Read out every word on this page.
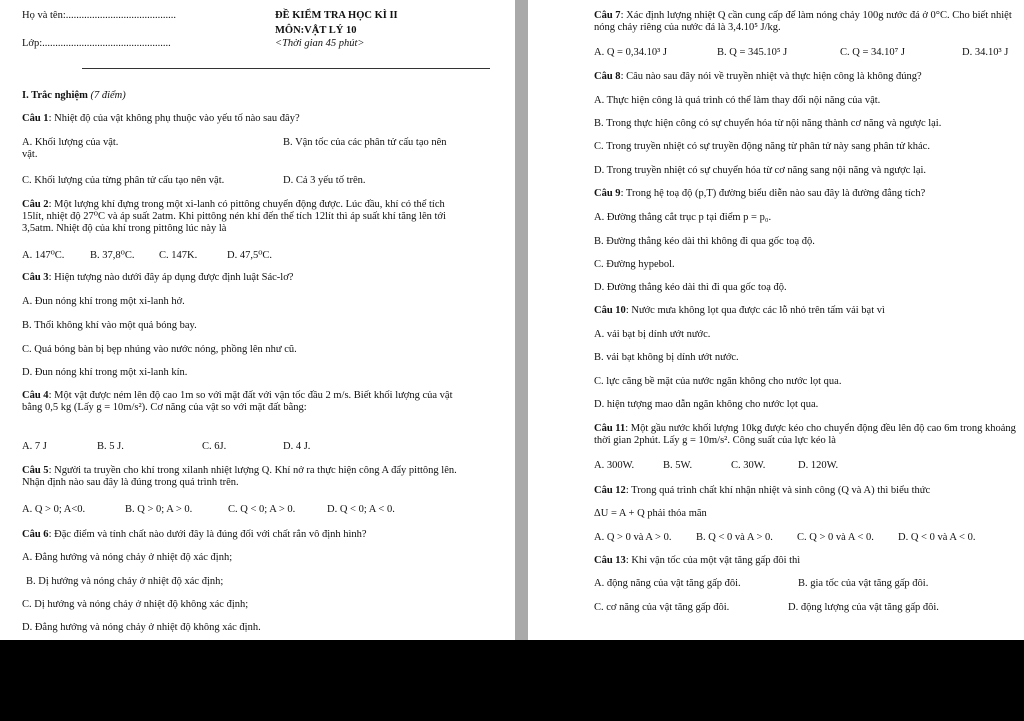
Họ và tên:..........................................
Lớp:.................................................
ĐỀ KIỂM TRA HỌC KÌ II
MÔN:VẬT LÝ 10
<Thời gian 45 phút>
I. Trắc nghiệm (7 điểm)
Câu 1: Nhiệt độ của vật không phụ thuộc vào yếu tố nào sau đây?
A. Khối lượng của vật.	B. Vận tốc của các phân tử cấu tạo nên vật.
C. Khối lượng của từng phân tử cấu tạo nên vật.	D. Cả 3 yếu tố trên.
Câu 2: Một lượng khí đựng trong một xi-lanh có pittông chuyển động được. Lúc đầu, khí có thể tích 15lít, nhiệt độ 27⁰C và áp suất 2atm. Khi pittông nén khí đến thể tích 12lít thì áp suất khí tăng lên tới 3,5atm. Nhiệt độ của khí trong pittông lúc này là
A. 147⁰C. B. 37,8⁰C. C. 147K.	D. 47,5⁰C.
Câu 3: Hiện tượng nào dưới đây áp dụng được định luật Sác-lơ?
A. Đun nóng khí trong một xi-lanh hở.
B. Thổi không khí vào một quả bóng bay.
C. Quả bóng bàn bị bẹp nhúng vào nước nóng, phồng lên như cũ.
D. Đun nóng khí trong một xi-lanh kín.
Câu 4: Một vật được ném lên độ cao 1m so với mặt đất với vận tốc đầu 2 m/s. Biết khối lượng của vật bằng 0,5 kg (Lấy g = 10m/s²). Cơ năng của vật so với mặt đất bằng:
A. 7 J	B. 5 J.	C. 6J.	D. 4 J.
Câu 5: Người ta truyền cho khí trong xilanh nhiệt lượng Q. Khí nở ra thực hiện công A đẩy pittông lên. Nhận định nào sau đây là đúng trong quá trình trên.
A. Q > 0; A<0.	B. Q > 0; A > 0.	C. Q < 0; A > 0.	D. Q < 0; A < 0.
Câu 6: Đặc điểm và tính chất nào dưới đây là đúng đối với chất rắn vô định hình?
A. Đẳng hướng và nóng chảy ở nhiệt độ xác định;
B. Dị hướng và nóng chảy ở nhiệt độ xác định;
C. Dị hướng và nóng chảy ở nhiệt độ không xác định;
D. Đẳng hướng và nóng chảy ở nhiệt độ không xác định.
Câu 7: Xác định lượng nhiệt Q cần cung cấp để làm nóng chảy 100g nước đá ở 0°C. Cho biết nhiệt nóng chảy riêng của nước đá là 3,4.10⁵ J/kg.
A. Q = 0,34.10³ J	B. Q = 345.10⁵ J	C. Q = 34.10⁷ J	D. 34.10³ J
Câu 8: Câu nào sau đây nói về truyền nhiệt và thực hiện công là không đúng?
A. Thực hiện công là quá trình có thể làm thay đổi nội năng của vật.
B. Trong thực hiện công có sự chuyển hóa từ nội năng thành cơ năng và ngược lại.
C. Trong truyền nhiệt có sự truyền động năng từ phân tử này sang phân tử khác.
D. Trong truyền nhiệt có sự chuyển hóa từ cơ năng sang nội năng và ngược lại.
Câu 9: Trong hệ toạ độ (p,T) đường biểu diễn nào sau đây là đường đẳng tích?
A. Đường thẳng cắt trục p tại điểm p = p₀.
B. Đường thẳng kéo dài thì không đi qua gốc toạ độ.
C. Đường hypebol.
D. Đường thẳng kéo dài thì đi qua gốc toạ độ.
Câu 10: Nước mưa không lọt qua được các lỗ nhỏ trên tấm vải bạt vì
A. vải bạt bị dính ướt nước.
B. vải bạt không bị dính ướt nước.
C. lực căng bề mặt của nước ngăn không cho nước lọt qua.
D. hiện tượng mao dẫn ngăn không cho nước lọt qua.
Câu 11: Một gầu nước khối lượng 10kg được kéo cho chuyển động đều lên độ cao 6m trong khoảng thời gian 2phút. Lấy g = 10m/s². Công suất của lực kéo là
A. 300W.	B. 5W.	C. 30W.	D. 120W.
Câu 12: Trong quá trình chất khí nhận nhiệt và sinh công (Q và A) thì biểu thức
ΔU = A + Q phải thỏa mãn
A. Q > 0 và A > 0. B. Q < 0 và A > 0. C. Q > 0 và A < 0. D. Q < 0 và A < 0.
Câu 13: Khi vận tốc của một vật tăng gấp đôi thì
A. động năng của vật tăng gấp đôi.	B. gia tốc của vật tăng gấp đôi.
C. cơ năng của vật tăng gấp đôi.	D. động lượng của vật tăng gấp đôi.
